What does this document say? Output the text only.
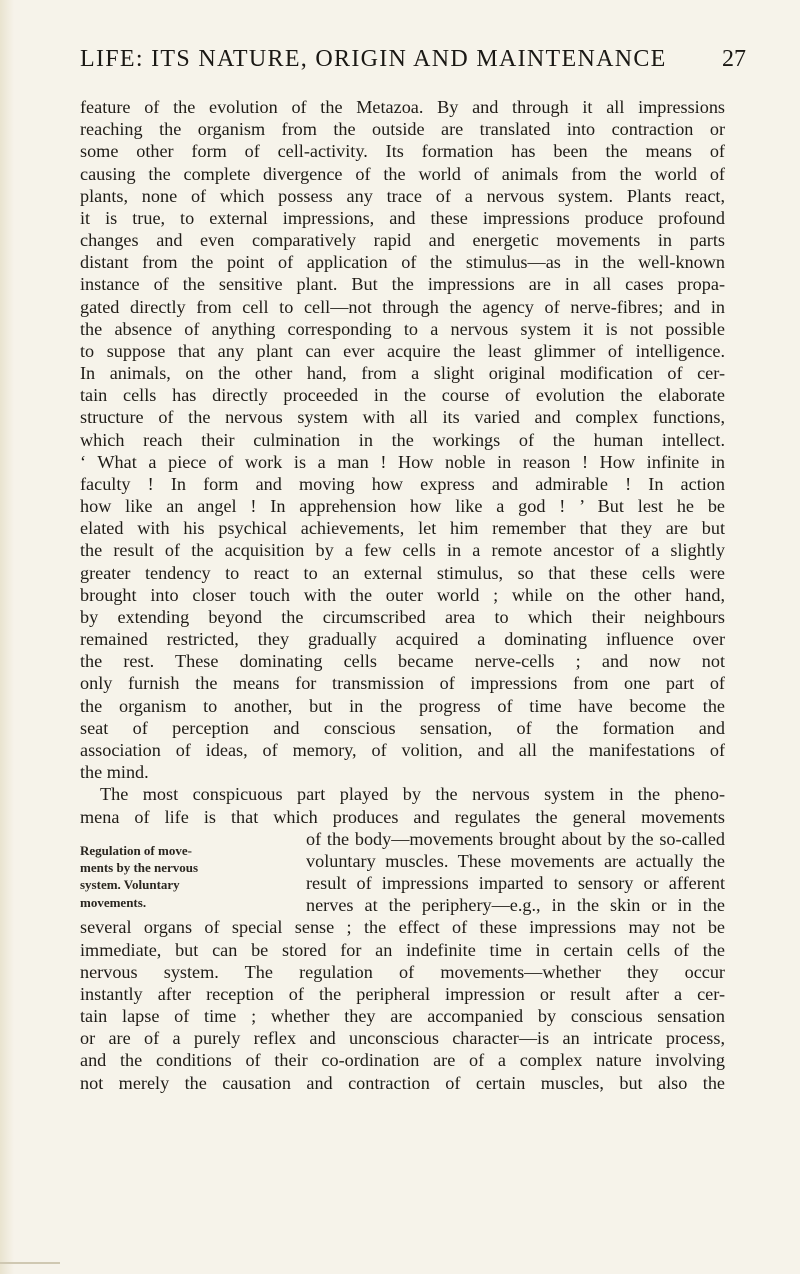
LIFE: ITS NATURE, ORIGIN AND MAINTENANCE 27
feature of the evolution of the Metazoa. By and through it all impressions
reaching the organism from the outside are translated into contraction or
some other form of cell-activity. Its formation has been the means of
causing the complete divergence of the world of animals from the world of
plants, none of which possess any trace of a nervous system. Plants react,
it is true, to external impressions, and these impressions produce profound
changes and even comparatively rapid and energetic movements in parts
distant from the point of application of the stimulus—as in the well-known
instance of the sensitive plant. But the impressions are in all cases propa-
gated directly from cell to cell—not through the agency of nerve-fibres; and in
the absence of anything corresponding to a nervous system it is not possible
to suppose that any plant can ever acquire the least glimmer of intelligence.
In animals, on the other hand, from a slight original modification of cer-
tain cells has directly proceeded in the course of evolution the elaborate
structure of the nervous system with all its varied and complex functions,
which reach their culmination in the workings of the human intellect.
‘ What a piece of work is a man ! How noble in reason ! How infinite in
faculty ! In form and moving how express and admirable ! In action
how like an angel ! In apprehension how like a god ! ’ But lest he be
elated with his psychical achievements, let him remember that they are but
the result of the acquisition by a few cells in a remote ancestor of a slightly
greater tendency to react to an external stimulus, so that these cells were
brought into closer touch with the outer world ; while on the other hand,
by extending beyond the circumscribed area to which their neighbours
remained restricted, they gradually acquired a dominating influence over
the rest. These dominating cells became nerve-cells ; and now not
only furnish the means for transmission of impressions from one part of
the organism to another, but in the progress of time have become the
seat of perception and conscious sensation, of the formation and
association of ideas, of memory, of volition, and all the manifestations of
the mind.
The most conspicuous part played by the nervous system in the pheno-
mena of life is that which produces and regulates the general movements
of the body—movements brought about by the so-called
voluntary muscles. These movements are actually the
result of impressions imparted to sensory or afferent
nerves at the periphery—e.g., in the skin or in the
several organs of special sense ; the effect of these impressions may not be
immediate, but can be stored for an indefinite time in certain cells of the
nervous system. The regulation of movements—whether they occur
instantly after reception of the peripheral impression or result after a cer-
tain lapse of time ; whether they are accompanied by conscious sensation
or are of a purely reflex and unconscious character—is an intricate process,
and the conditions of their co-ordination are of a complex nature involving
not merely the causation and contraction of certain muscles, but also the
Regulation of move-
ments by the nervous
system. Voluntary
movements.
